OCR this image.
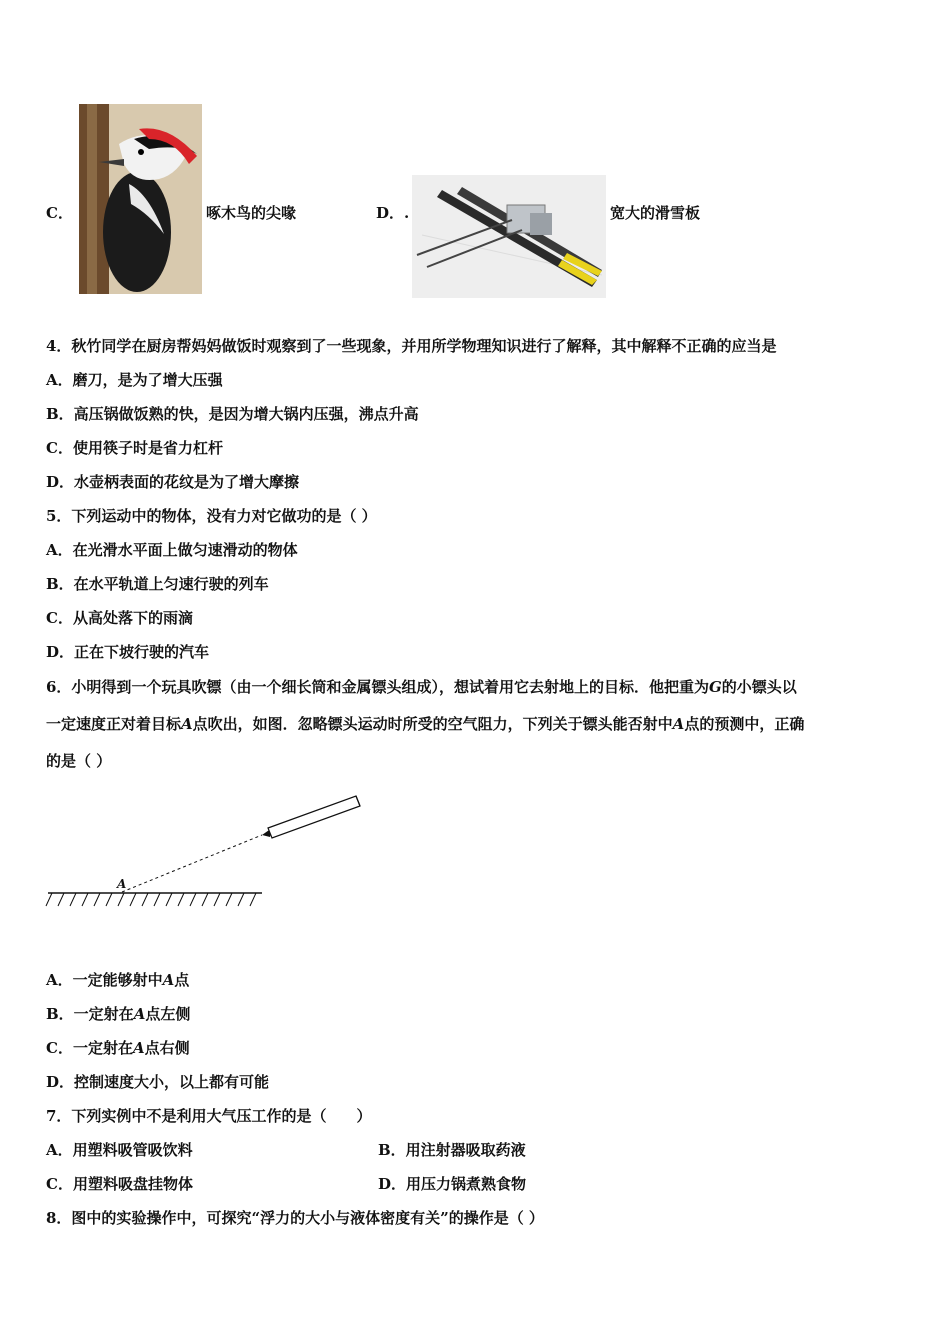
C．	啄木鸟的尖喙	D．.	宽大的滑雪板
4．秋竹同学在厨房帮妈妈做饭时观察到了一些现象，并用所学物理知识进行了解释，其中解释不正确的应当是
A．磨刀，是为了增大压强
B．高压锅做饭熟的快，是因为增大锅内压强，沸点升高
C．使用筷子时是省力杠杆
D．水壶柄表面的花纹是为了增大摩擦
5．下列运动中的物体，没有力对它做功的是（ ）
A．在光滑水平面上做匀速滑动的物体
B．在水平轨道上匀速行驶的列车
C．从高处落下的雨滴
D．正在下坡行驶的汽车
6．小明得到一个玩具吹镖（由一个细长筒和金属镖头组成），想试着用它去射地上的目标．他把重为G的小镖头以
一定速度正对着目标A点吹出，如图．忽略镖头运动时所受的空气阻力，下列关于镖头能否射中A点的预测中，正确
的是（ ）
A
A．一定能够射中A点
B．一定射在A点左侧
C．一定射在A点右侧
D．控制速度大小，以上都有可能
7．下列实例中不是利用大气压工作的是（　　）
A．用塑料吸管吸饮料	B．用注射器吸取药液
C．用塑料吸盘挂物体	D．用压力锅煮熟食物
8．图中的实验操作中，可探究“浮力的大小与液体密度有关”的操作是（ ）
